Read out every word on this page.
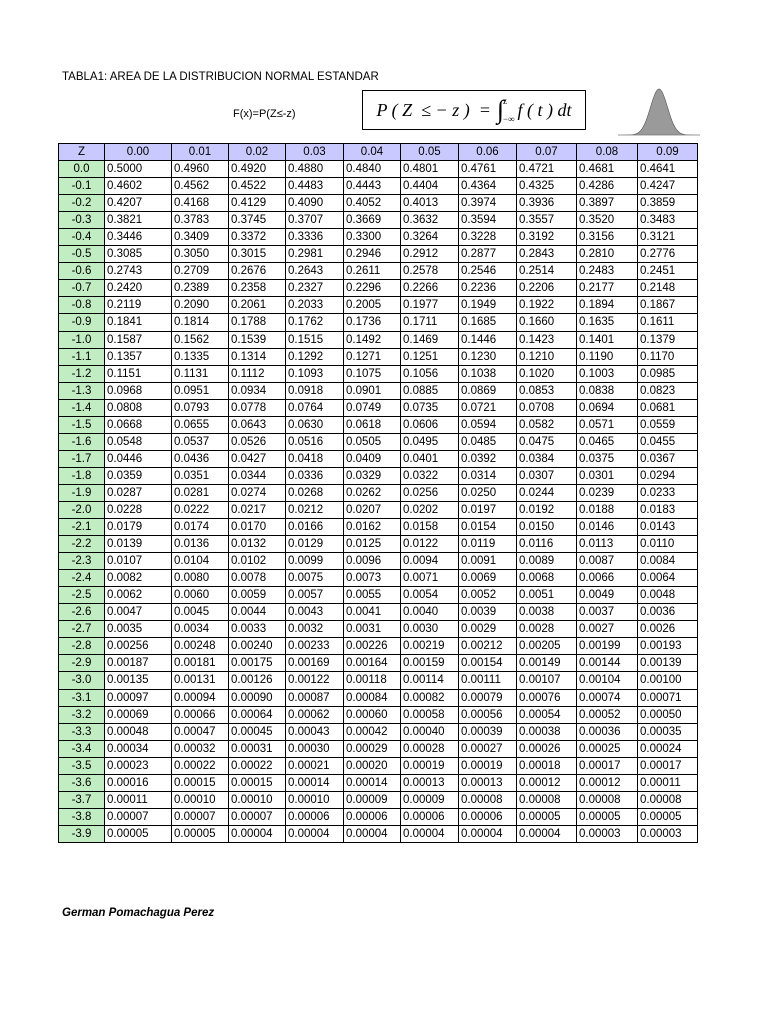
TABLA1: AREA DE LA DISTRIBUCION NORMAL ESTANDAR
F(x)=P(Z≤-z)	P ( Z  ≤ − z )  = ∫ z
−∞ f ( t ) dt
Z	0.00	0.01	0.02	0.03	0.04	0.05	0.06	0.07	0.08	0.09
0.0	0.5000	0.4960	0.4920	0.4880	0.4840	0.4801	0.4761	0.4721	0.4681	0.4641
-0.1	0.4602	0.4562	0.4522	0.4483	0.4443	0.4404	0.4364	0.4325	0.4286	0.4247
-0.2	0.4207	0.4168	0.4129	0.4090	0.4052	0.4013	0.3974	0.3936	0.3897	0.3859
-0.3	0.3821	0.3783	0.3745	0.3707	0.3669	0.3632	0.3594	0.3557	0.3520	0.3483
-0.4	0.3446	0.3409	0.3372	0.3336	0.3300	0.3264	0.3228	0.3192	0.3156	0.3121
-0.5	0.3085	0.3050	0.3015	0.2981	0.2946	0.2912	0.2877	0.2843	0.2810	0.2776
-0.6	0.2743	0.2709	0.2676	0.2643	0.2611	0.2578	0.2546	0.2514	0.2483	0.2451
-0.7	0.2420	0.2389	0.2358	0.2327	0.2296	0.2266	0.2236	0.2206	0.2177	0.2148
-0.8	0.2119	0.2090	0.2061	0.2033	0.2005	0.1977	0.1949	0.1922	0.1894	0.1867
-0.9	0.1841	0.1814	0.1788	0.1762	0.1736	0.1711	0.1685	0.1660	0.1635	0.1611
-1.0	0.1587	0.1562	0.1539	0.1515	0.1492	0.1469	0.1446	0.1423	0.1401	0.1379
-1.1	0.1357	0.1335	0.1314	0.1292	0.1271	0.1251	0.1230	0.1210	0.1190	0.1170
-1.2	0.1151	0.1131	0.1112	0.1093	0.1075	0.1056	0.1038	0.1020	0.1003	0.0985
-1.3	0.0968	0.0951	0.0934	0.0918	0.0901	0.0885	0.0869	0.0853	0.0838	0.0823
-1.4	0.0808	0.0793	0.0778	0.0764	0.0749	0.0735	0.0721	0.0708	0.0694	0.0681
-1.5	0.0668	0.0655	0.0643	0.0630	0.0618	0.0606	0.0594	0.0582	0.0571	0.0559
-1.6	0.0548	0.0537	0.0526	0.0516	0.0505	0.0495	0.0485	0.0475	0.0465	0.0455
-1.7	0.0446	0.0436	0.0427	0.0418	0.0409	0.0401	0.0392	0.0384	0.0375	0.0367
-1.8	0.0359	0.0351	0.0344	0.0336	0.0329	0.0322	0.0314	0.0307	0.0301	0.0294
-1.9	0.0287	0.0281	0.0274	0.0268	0.0262	0.0256	0.0250	0.0244	0.0239	0.0233
-2.0	0.0228	0.0222	0.0217	0.0212	0.0207	0.0202	0.0197	0.0192	0.0188	0.0183
-2.1	0.0179	0.0174	0.0170	0.0166	0.0162	0.0158	0.0154	0.0150	0.0146	0.0143
-2.2	0.0139	0.0136	0.0132	0.0129	0.0125	0.0122	0.0119	0.0116	0.0113	0.0110
-2.3	0.0107	0.0104	0.0102	0.0099	0.0096	0.0094	0.0091	0.0089	0.0087	0.0084
-2.4	0.0082	0.0080	0.0078	0.0075	0.0073	0.0071	0.0069	0.0068	0.0066	0.0064
-2.5	0.0062	0.0060	0.0059	0.0057	0.0055	0.0054	0.0052	0.0051	0.0049	0.0048
-2.6	0.0047	0.0045	0.0044	0.0043	0.0041	0.0040	0.0039	0.0038	0.0037	0.0036
-2.7	0.0035	0.0034	0.0033	0.0032	0.0031	0.0030	0.0029	0.0028	0.0027	0.0026
-2.8	0.00256	0.00248	0.00240	0.00233	0.00226	0.00219	0.00212	0.00205	0.00199	0.00193
-2.9	0.00187	0.00181	0.00175	0.00169	0.00164	0.00159	0.00154	0.00149	0.00144	0.00139
-3.0	0.00135	0.00131	0.00126	0.00122	0.00118	0.00114	0.00111	0.00107	0.00104	0.00100
-3.1	0.00097	0.00094	0.00090	0.00087	0.00084	0.00082	0.00079	0.00076	0.00074	0.00071
-3.2	0.00069	0.00066	0.00064	0.00062	0.00060	0.00058	0.00056	0.00054	0.00052	0.00050
-3.3	0.00048	0.00047	0.00045	0.00043	0.00042	0.00040	0.00039	0.00038	0.00036	0.00035
-3.4	0.00034	0.00032	0.00031	0.00030	0.00029	0.00028	0.00027	0.00026	0.00025	0.00024
-3.5	0.00023	0.00022	0.00022	0.00021	0.00020	0.00019	0.00019	0.00018	0.00017	0.00017
-3.6	0.00016	0.00015	0.00015	0.00014	0.00014	0.00013	0.00013	0.00012	0.00012	0.00011
-3.7	0.00011	0.00010	0.00010	0.00010	0.00009	0.00009	0.00008	0.00008	0.00008	0.00008
-3.8	0.00007	0.00007	0.00007	0.00006	0.00006	0.00006	0.00006	0.00005	0.00005	0.00005
-3.9	0.00005	0.00005	0.00004	0.00004	0.00004	0.00004	0.00004	0.00004	0.00003	0.00003
German Pomachagua Perez
